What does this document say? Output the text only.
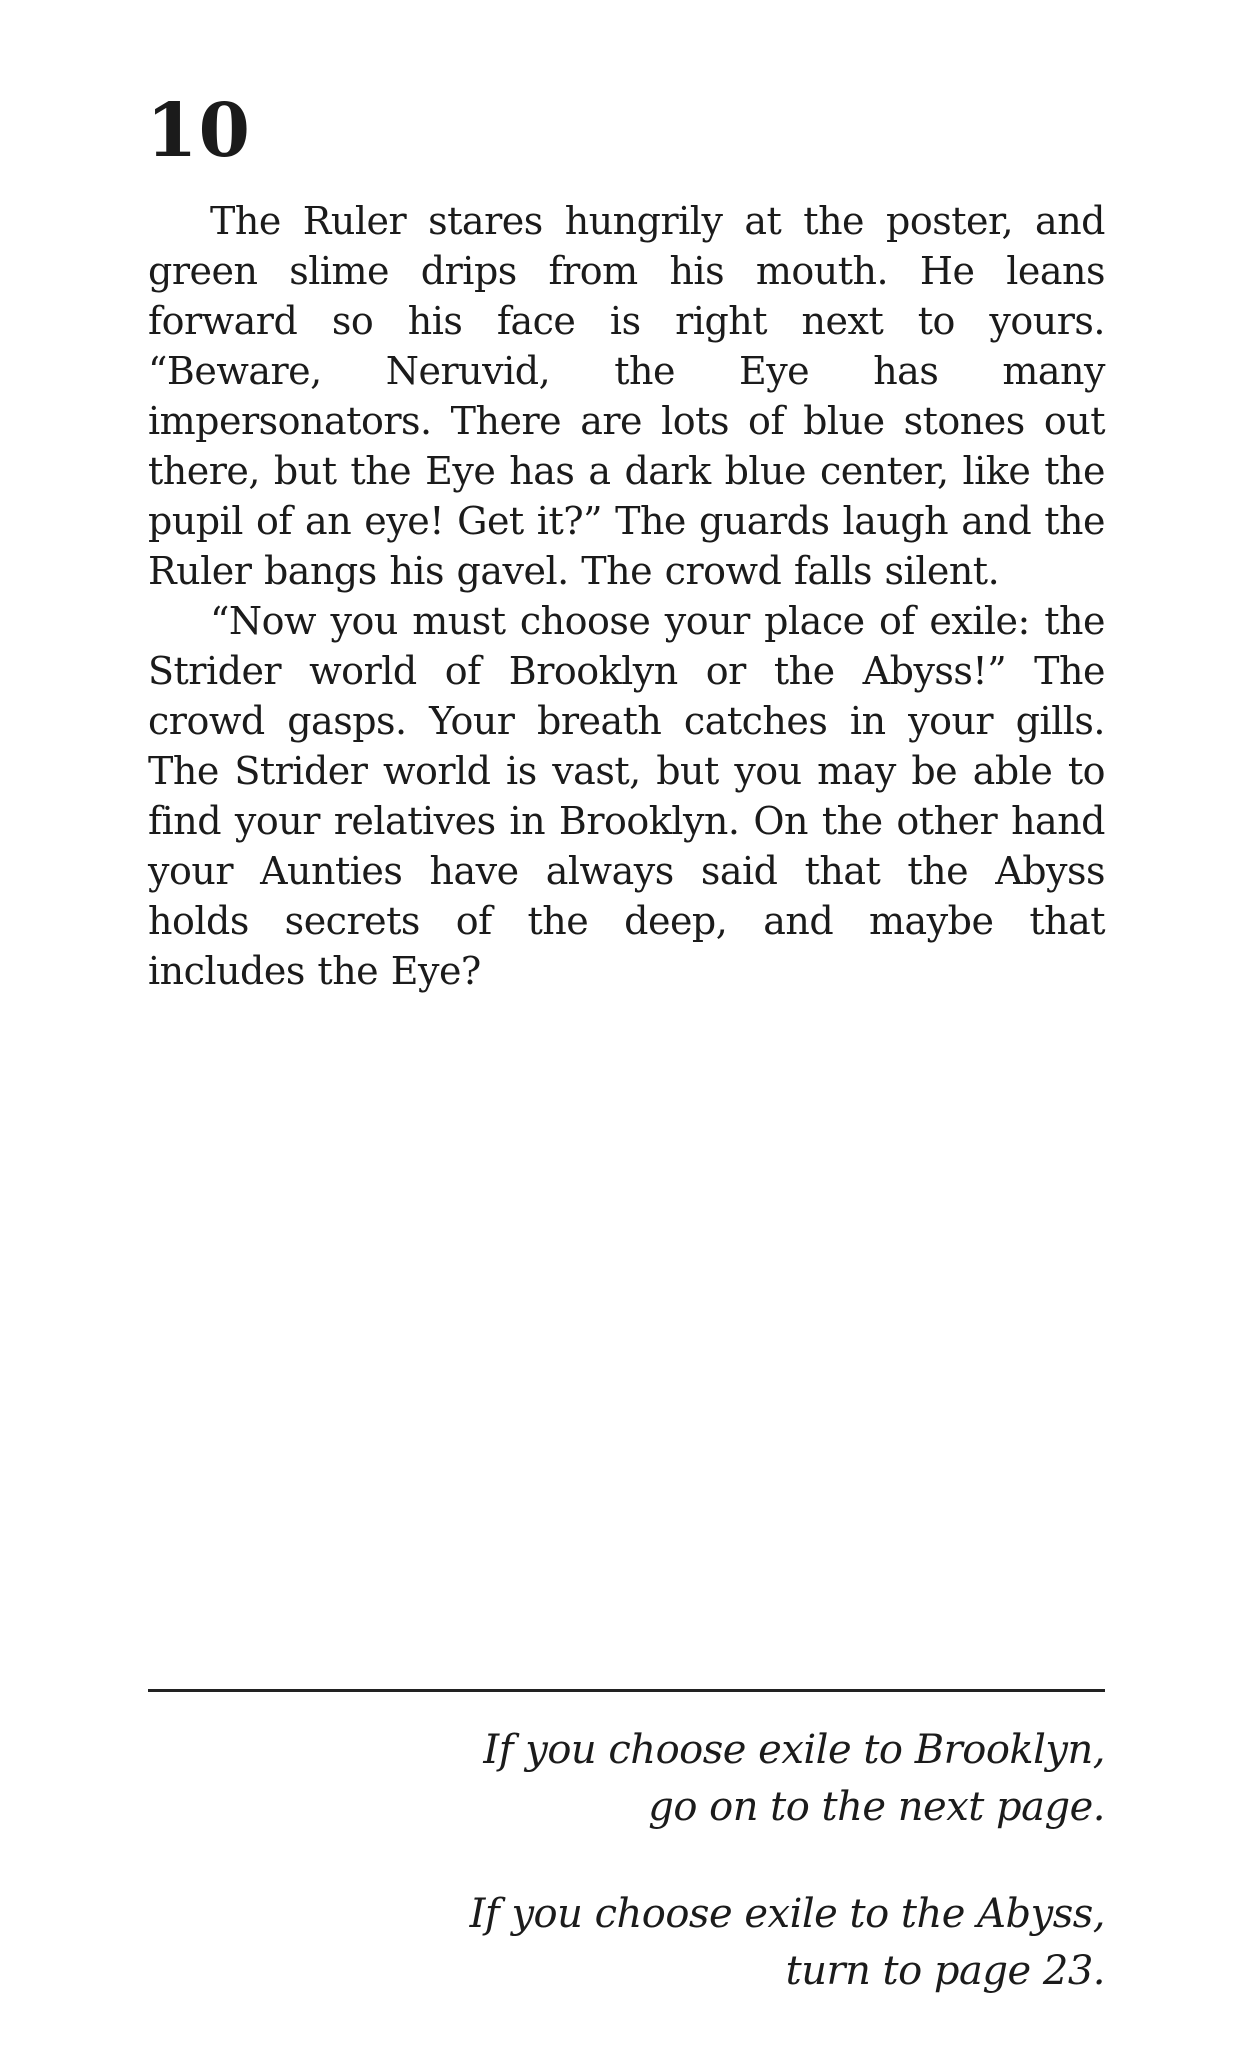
10

The Ruler stares hungrily at the poster, and green slime drips from his mouth. He leans forward so his face is right next to yours. “Beware, Neruvid, the Eye has many impersonators. There are lots of blue stones out there, but the Eye has a dark blue center, like the pupil of an eye! Get it?” The guards laugh and the Ruler bangs his gavel. The crowd falls silent.

“Now you must choose your place of exile: the Strider world of Brooklyn or the Abyss!” The crowd gasps. Your breath catches in your gills. The Strider world is vast, but you may be able to find your relatives in Brooklyn. On the other hand your Aunties have always said that the Abyss holds secrets of the deep, and maybe that includes the Eye?

If you choose exile to Brooklyn,
go on to the next page.
If you choose exile to the Abyss,
turn to page 23.
